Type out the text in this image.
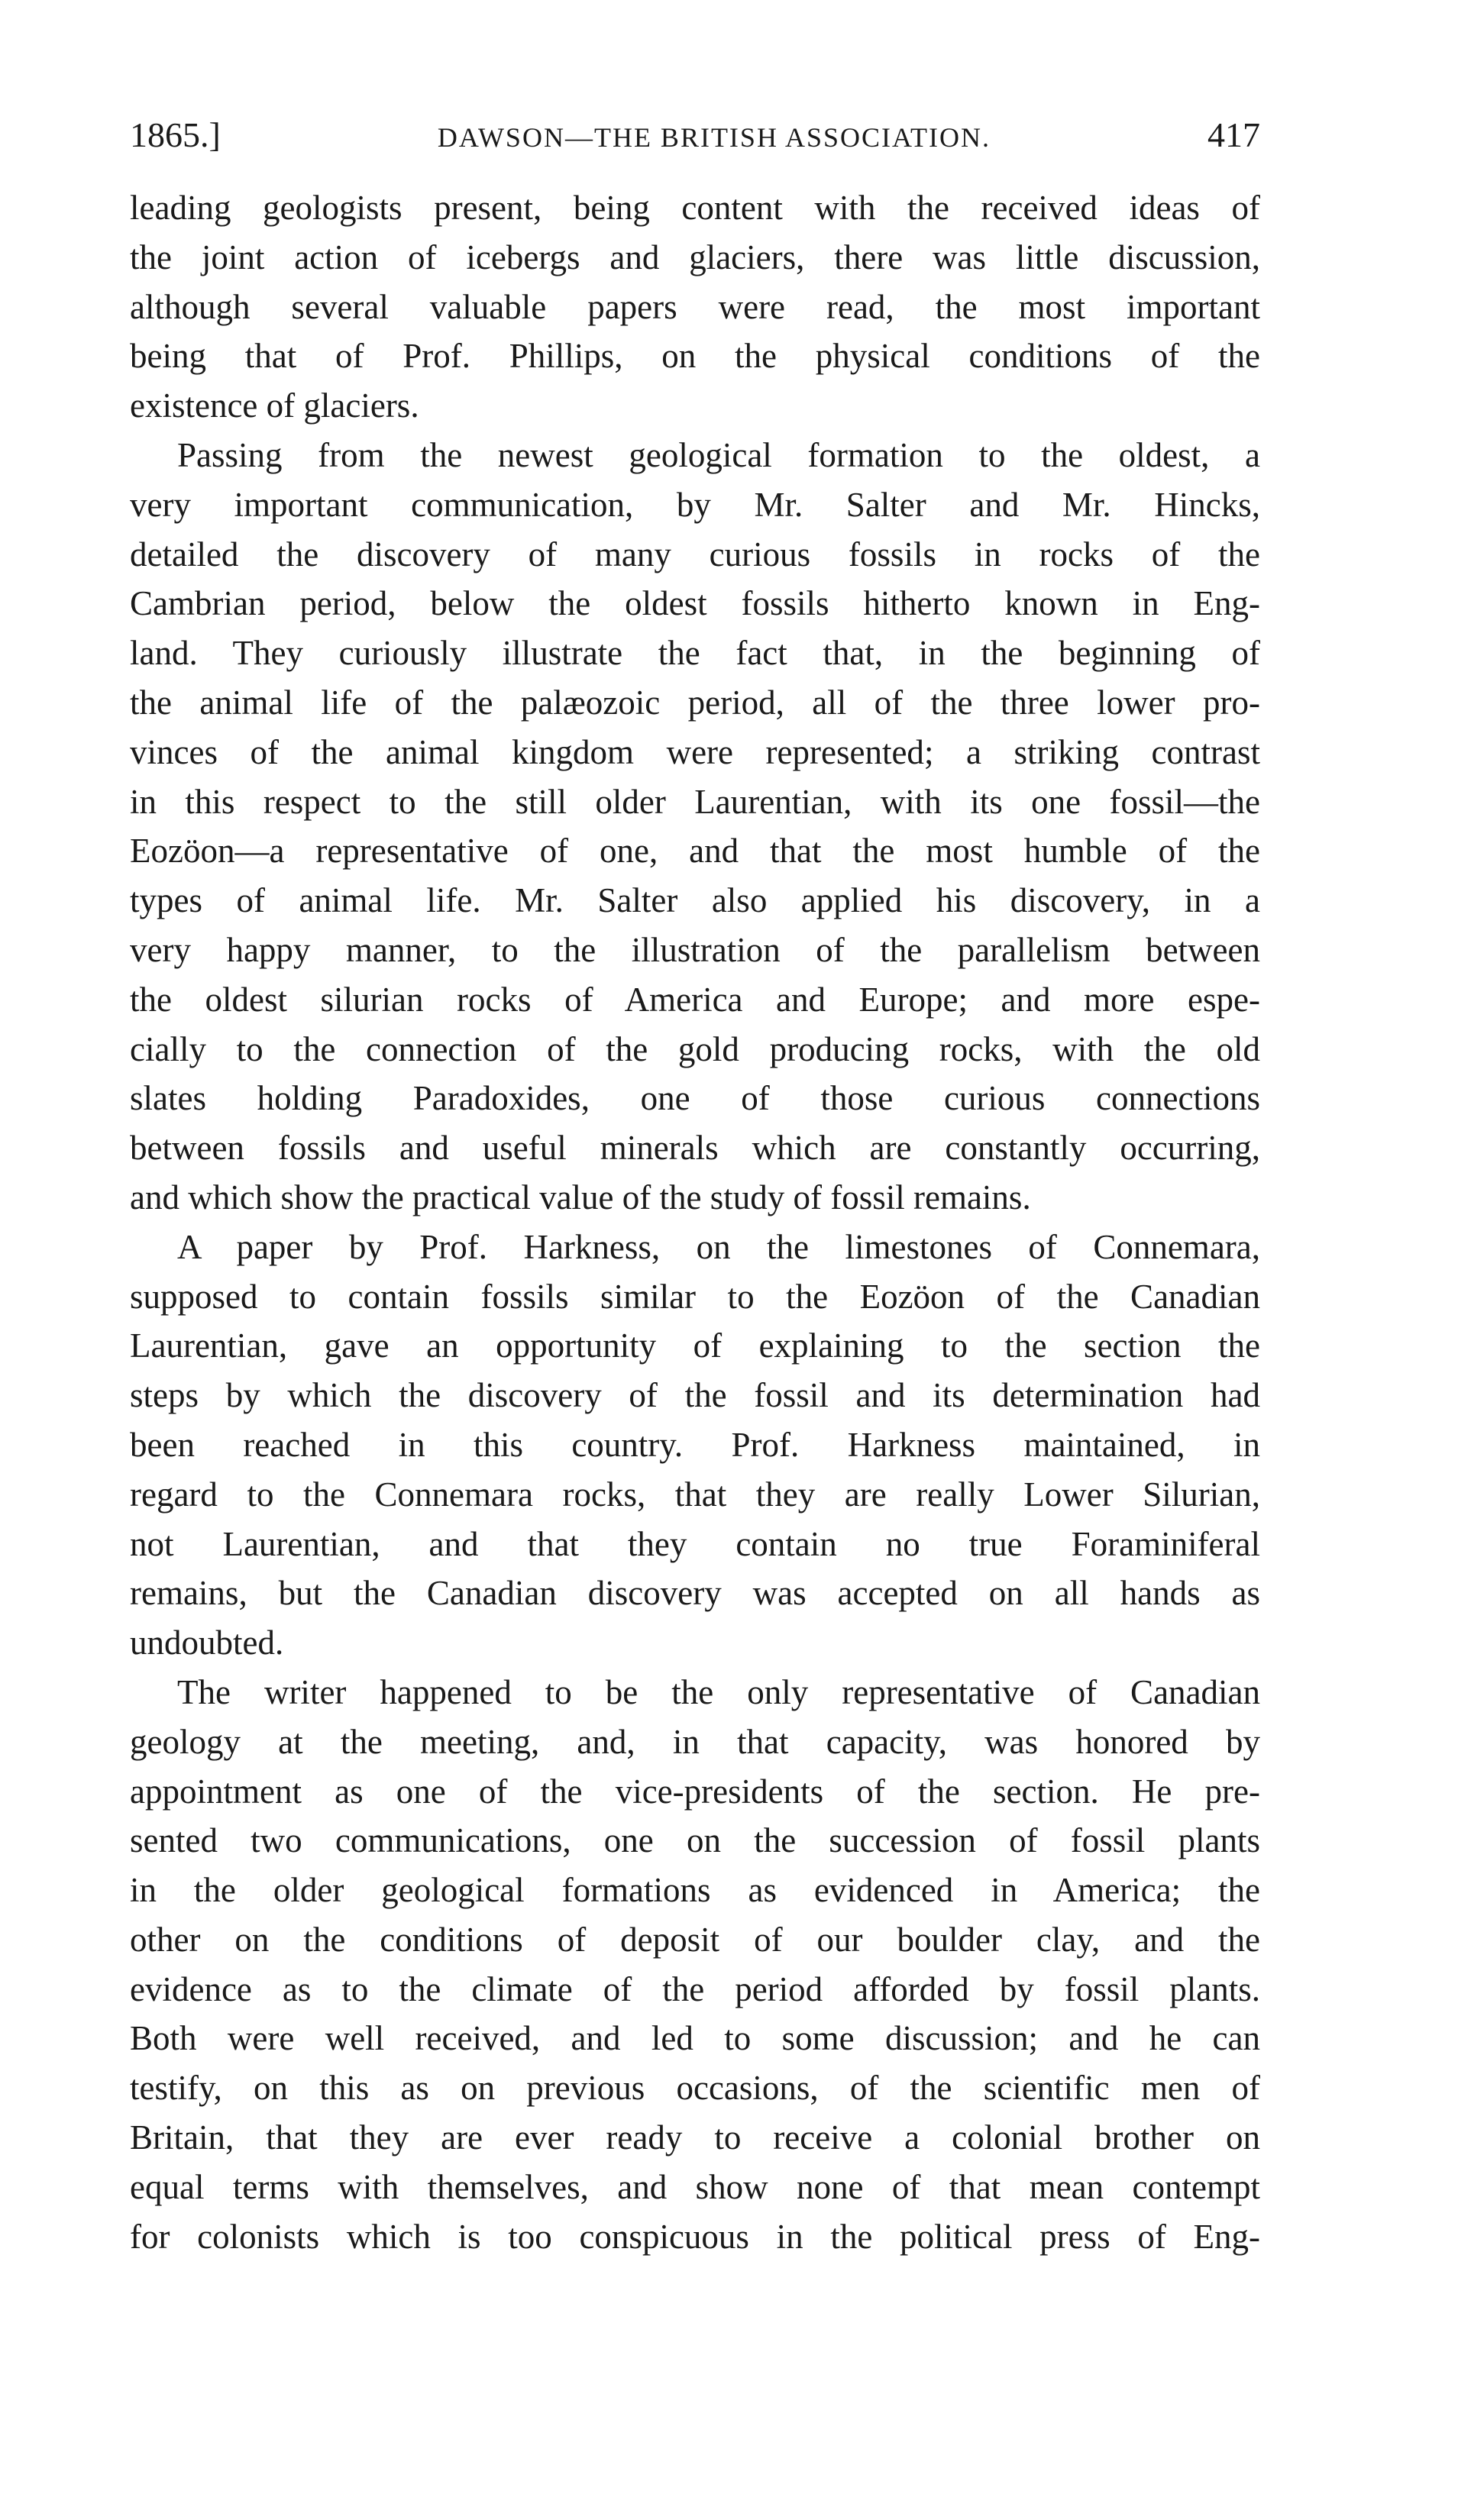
1865.]	DAWSON—THE BRITISH ASSOCIATION.	417

leading geologists present, being content with the received ideas of
the joint action of icebergs and glaciers, there was little discussion,
although several valuable papers were read, the most important
being that of Prof. Phillips, on the physical conditions of the
existence of glaciers.

Passing from the newest geological formation to the oldest, a
very important communication, by Mr. Salter and Mr. Hincks,
detailed the discovery of many curious fossils in rocks of the
Cambrian period, below the oldest fossils hitherto known in Eng-
land. They curiously illustrate the fact that, in the beginning of
the animal life of the palæozoic period, all of the three lower pro-
vinces of the animal kingdom were represented; a striking contrast
in this respect to the still older Laurentian, with its one fossil—the
Eozöon—a representative of one, and that the most humble of the
types of animal life. Mr. Salter also applied his discovery, in a
very happy manner, to the illustration of the parallelism between
the oldest silurian rocks of America and Europe; and more espe-
cially to the connection of the gold producing rocks, with the old
slates holding Paradoxides, one of those curious connections
between fossils and useful minerals which are constantly occurring,
and which show the practical value of the study of fossil remains.

A paper by Prof. Harkness, on the limestones of Connemara,
supposed to contain fossils similar to the Eozöon of the Canadian
Laurentian, gave an opportunity of explaining to the section the
steps by which the discovery of the fossil and its determination had
been reached in this country. Prof. Harkness maintained, in
regard to the Connemara rocks, that they are really Lower Silurian,
not Laurentian, and that they contain no true Foraminiferal
remains, but the Canadian discovery was accepted on all hands as
undoubted.

The writer happened to be the only representative of Canadian
geology at the meeting, and, in that capacity, was honored by
appointment as one of the vice-presidents of the section. He pre-
sented two communications, one on the succession of fossil plants
in the older geological formations as evidenced in America; the
other on the conditions of deposit of our boulder clay, and the
evidence as to the climate of the period afforded by fossil plants.
Both were well received, and led to some discussion; and he can
testify, on this as on previous occasions, of the scientific men of
Britain, that they are ever ready to receive a colonial brother on
equal terms with themselves, and show none of that mean contempt
for colonists which is too conspicuous in the political press of Eng-
